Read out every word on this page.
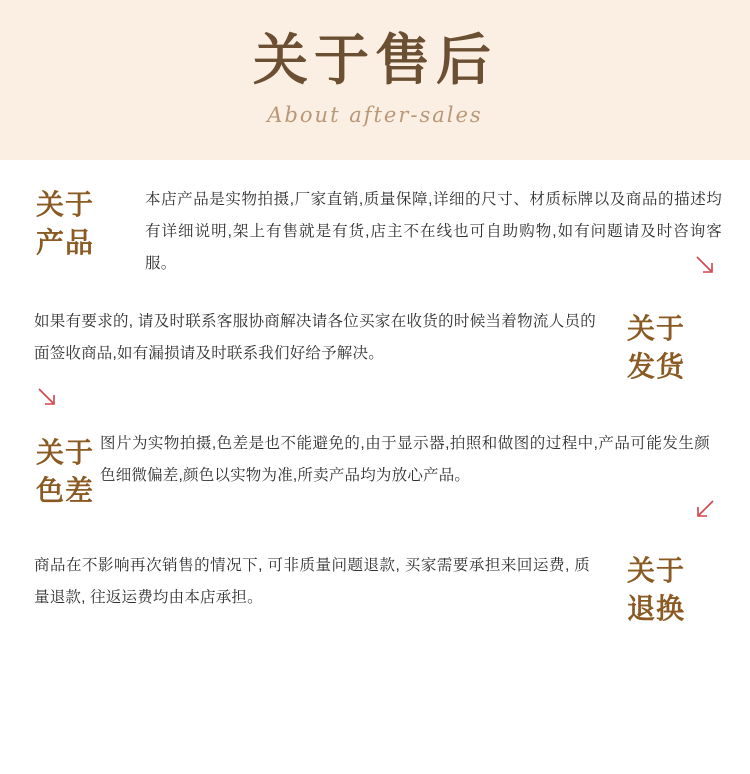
关于售后
About after-sales
关于
产品
本店产品是实物拍摄,厂家直销,质量保障,详细的尺寸、材质标牌以及商品的描述均有详细说明,架上有售就是有货,店主不在线也可自助购物,如有问题请及时咨询客服。
如果有要求的, 请及时联系客服协商解决请各位买家在收货的时候当着物流人员的面签收商品,如有漏损请及时联系我们好给予解决。
关于
发货
关于
色差
图片为实物拍摄,色差是也不能避免的,由于显示器,拍照和做图的过程中,产品可能发生颜色细微偏差,颜色以实物为准,所卖产品均为放心产品。
商品在不影响再次销售的情况下, 可非质量问题退款, 买家需要承担来回运费, 质量退款, 往返运费均由本店承担。
关于
退换
